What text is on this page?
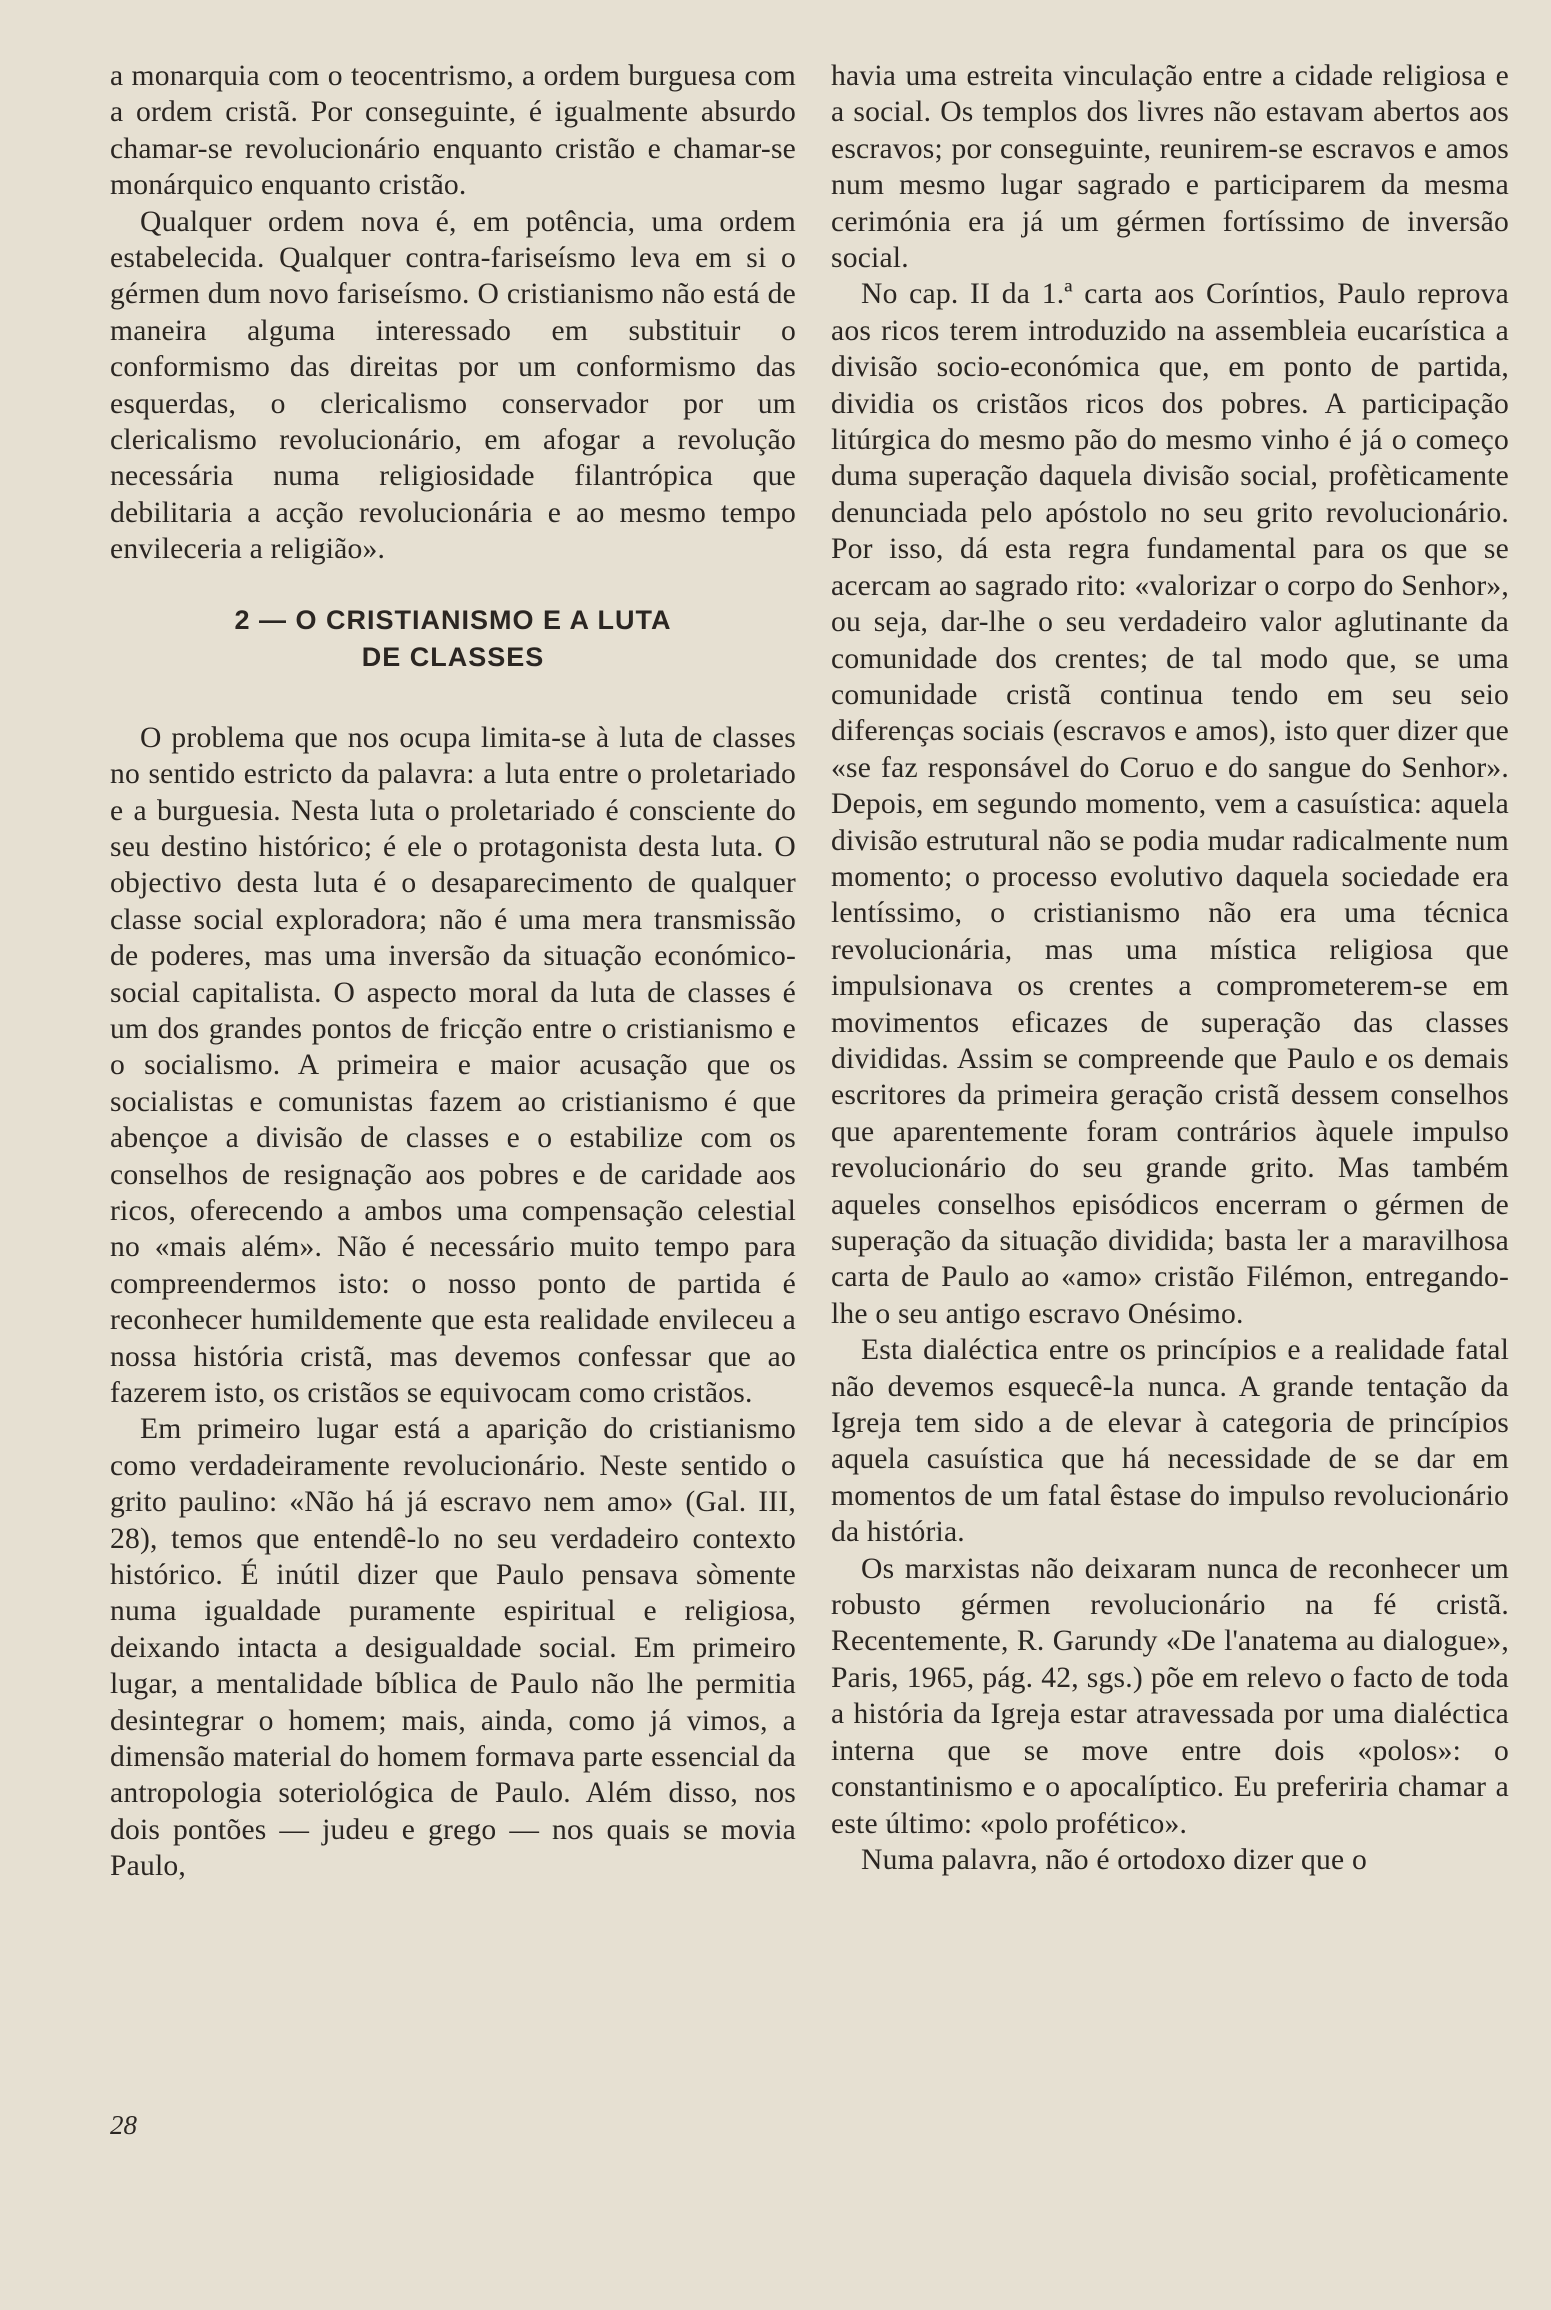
a monarquia com o teocentrismo, a ordem burguesa com a ordem cristã. Por conseguinte, é igualmente absurdo chamar-se revolucionário enquanto cristão e chamar-se monárquico enquanto cristão.

Qualquer ordem nova é, em potência, uma ordem estabelecida. Qualquer contra-fariseísmo leva em si o gérmen dum novo fariseísmo. O cristianismo não está de maneira alguma interessado em substituir o conformismo das direitas por um conformismo das esquerdas, o clericalismo conservador por um clericalismo revolucionário, em afogar a revolução necessária numa religiosidade filantrópica que debilitaria a acção revolucionária e ao mesmo tempo envileceria a religião».

2 — O CRISTIANISMO E A LUTA
DE CLASSES

O problema que nos ocupa limita-se à luta de classes no sentido estricto da palavra: a luta entre o proletariado e a burguesia. Nesta luta o proletariado é consciente do seu destino histórico; é ele o protagonista desta luta. O objectivo desta luta é o desaparecimento de qualquer classe social exploradora; não é uma mera transmissão de poderes, mas uma inversão da situação económico-social capitalista. O aspecto moral da luta de classes é um dos grandes pontos de fricção entre o cristianismo e o socialismo. A primeira e maior acusação que os socialistas e comunistas fazem ao cristianismo é que abençoe a divisão de classes e o estabilize com os conselhos de resignação aos pobres e de caridade aos ricos, oferecendo a ambos uma compensação celestial no «mais além». Não é necessário muito tempo para compreendermos isto: o nosso ponto de partida é reconhecer humildemente que esta realidade envileceu a nossa história cristã, mas devemos confessar que ao fazerem isto, os cristãos se equivocam como cristãos.

Em primeiro lugar está a aparição do cristianismo como verdadeiramente revolucionário. Neste sentido o grito paulino: «Não há já escravo nem amo» (Gal. III, 28), temos que entendê-lo no seu verdadeiro contexto histórico. É inútil dizer que Paulo pensava sòmente numa igualdade puramente espiritual e religiosa, deixando intacta a desigualdade social. Em primeiro lugar, a mentalidade bíblica de Paulo não lhe permitia desintegrar o homem; mais, ainda, como já vimos, a dimensão material do homem formava parte essencial da antropologia soteriológica de Paulo. Além disso, nos dois pontões — judeu e grego — nos quais se movia Paulo,

havia uma estreita vinculação entre a cidade religiosa e a social. Os templos dos livres não estavam abertos aos escravos; por conseguinte, reunirem-se escravos e amos num mesmo lugar sagrado e participarem da mesma cerimónia era já um gérmen fortíssimo de inversão social.

No cap. II da 1.ª carta aos Coríntios, Paulo reprova aos ricos terem introduzido na assembleia eucarística a divisão socio-económica que, em ponto de partida, dividia os cristãos ricos dos pobres. A participação litúrgica do mesmo pão do mesmo vinho é já o começo duma superação daquela divisão social, profèticamente denunciada pelo apóstolo no seu grito revolucionário. Por isso, dá esta regra fundamental para os que se acercam ao sagrado rito: «valorizar o corpo do Senhor», ou seja, dar-lhe o seu verdadeiro valor aglutinante da comunidade dos crentes; de tal modo que, se uma comunidade cristã continua tendo em seu seio diferenças sociais (escravos e amos), isto quer dizer que «se faz responsável do Coruo e do sangue do Senhor». Depois, em segundo momento, vem a casuística: aquela divisão estrutural não se podia mudar radicalmente num momento; o processo evolutivo daquela sociedade era lentíssimo, o cristianismo não era uma técnica revolucionária, mas uma mística religiosa que impulsionava os crentes a comprometerem-se em movimentos eficazes de superação das classes divididas. Assim se compreende que Paulo e os demais escritores da primeira geração cristã dessem conselhos que aparentemente foram contrários àquele impulso revolucionário do seu grande grito. Mas também aqueles conselhos episódicos encerram o gérmen de superação da situação dividida; basta ler a maravilhosa carta de Paulo ao «amo» cristão Filémon, entregando-lhe o seu antigo escravo Onésimo.

Esta dialéctica entre os princípios e a realidade fatal não devemos esquecê-la nunca. A grande tentação da Igreja tem sido a de elevar à categoria de princípios aquela casuística que há necessidade de se dar em momentos de um fatal êstase do impulso revolucionário da história.

Os marxistas não deixaram nunca de reconhecer um robusto gérmen revolucionário na fé cristã. Recentemente, R. Garundy «De l'anatema au dialogue», Paris, 1965, pág. 42, sgs.) põe em relevo o facto de toda a história da Igreja estar atravessada por uma dialéctica interna que se move entre dois «polos»: o constantinismo e o apocalíptico. Eu preferiria chamar a este último: «polo profético».

Numa palavra, não é ortodoxo dizer que o

28
